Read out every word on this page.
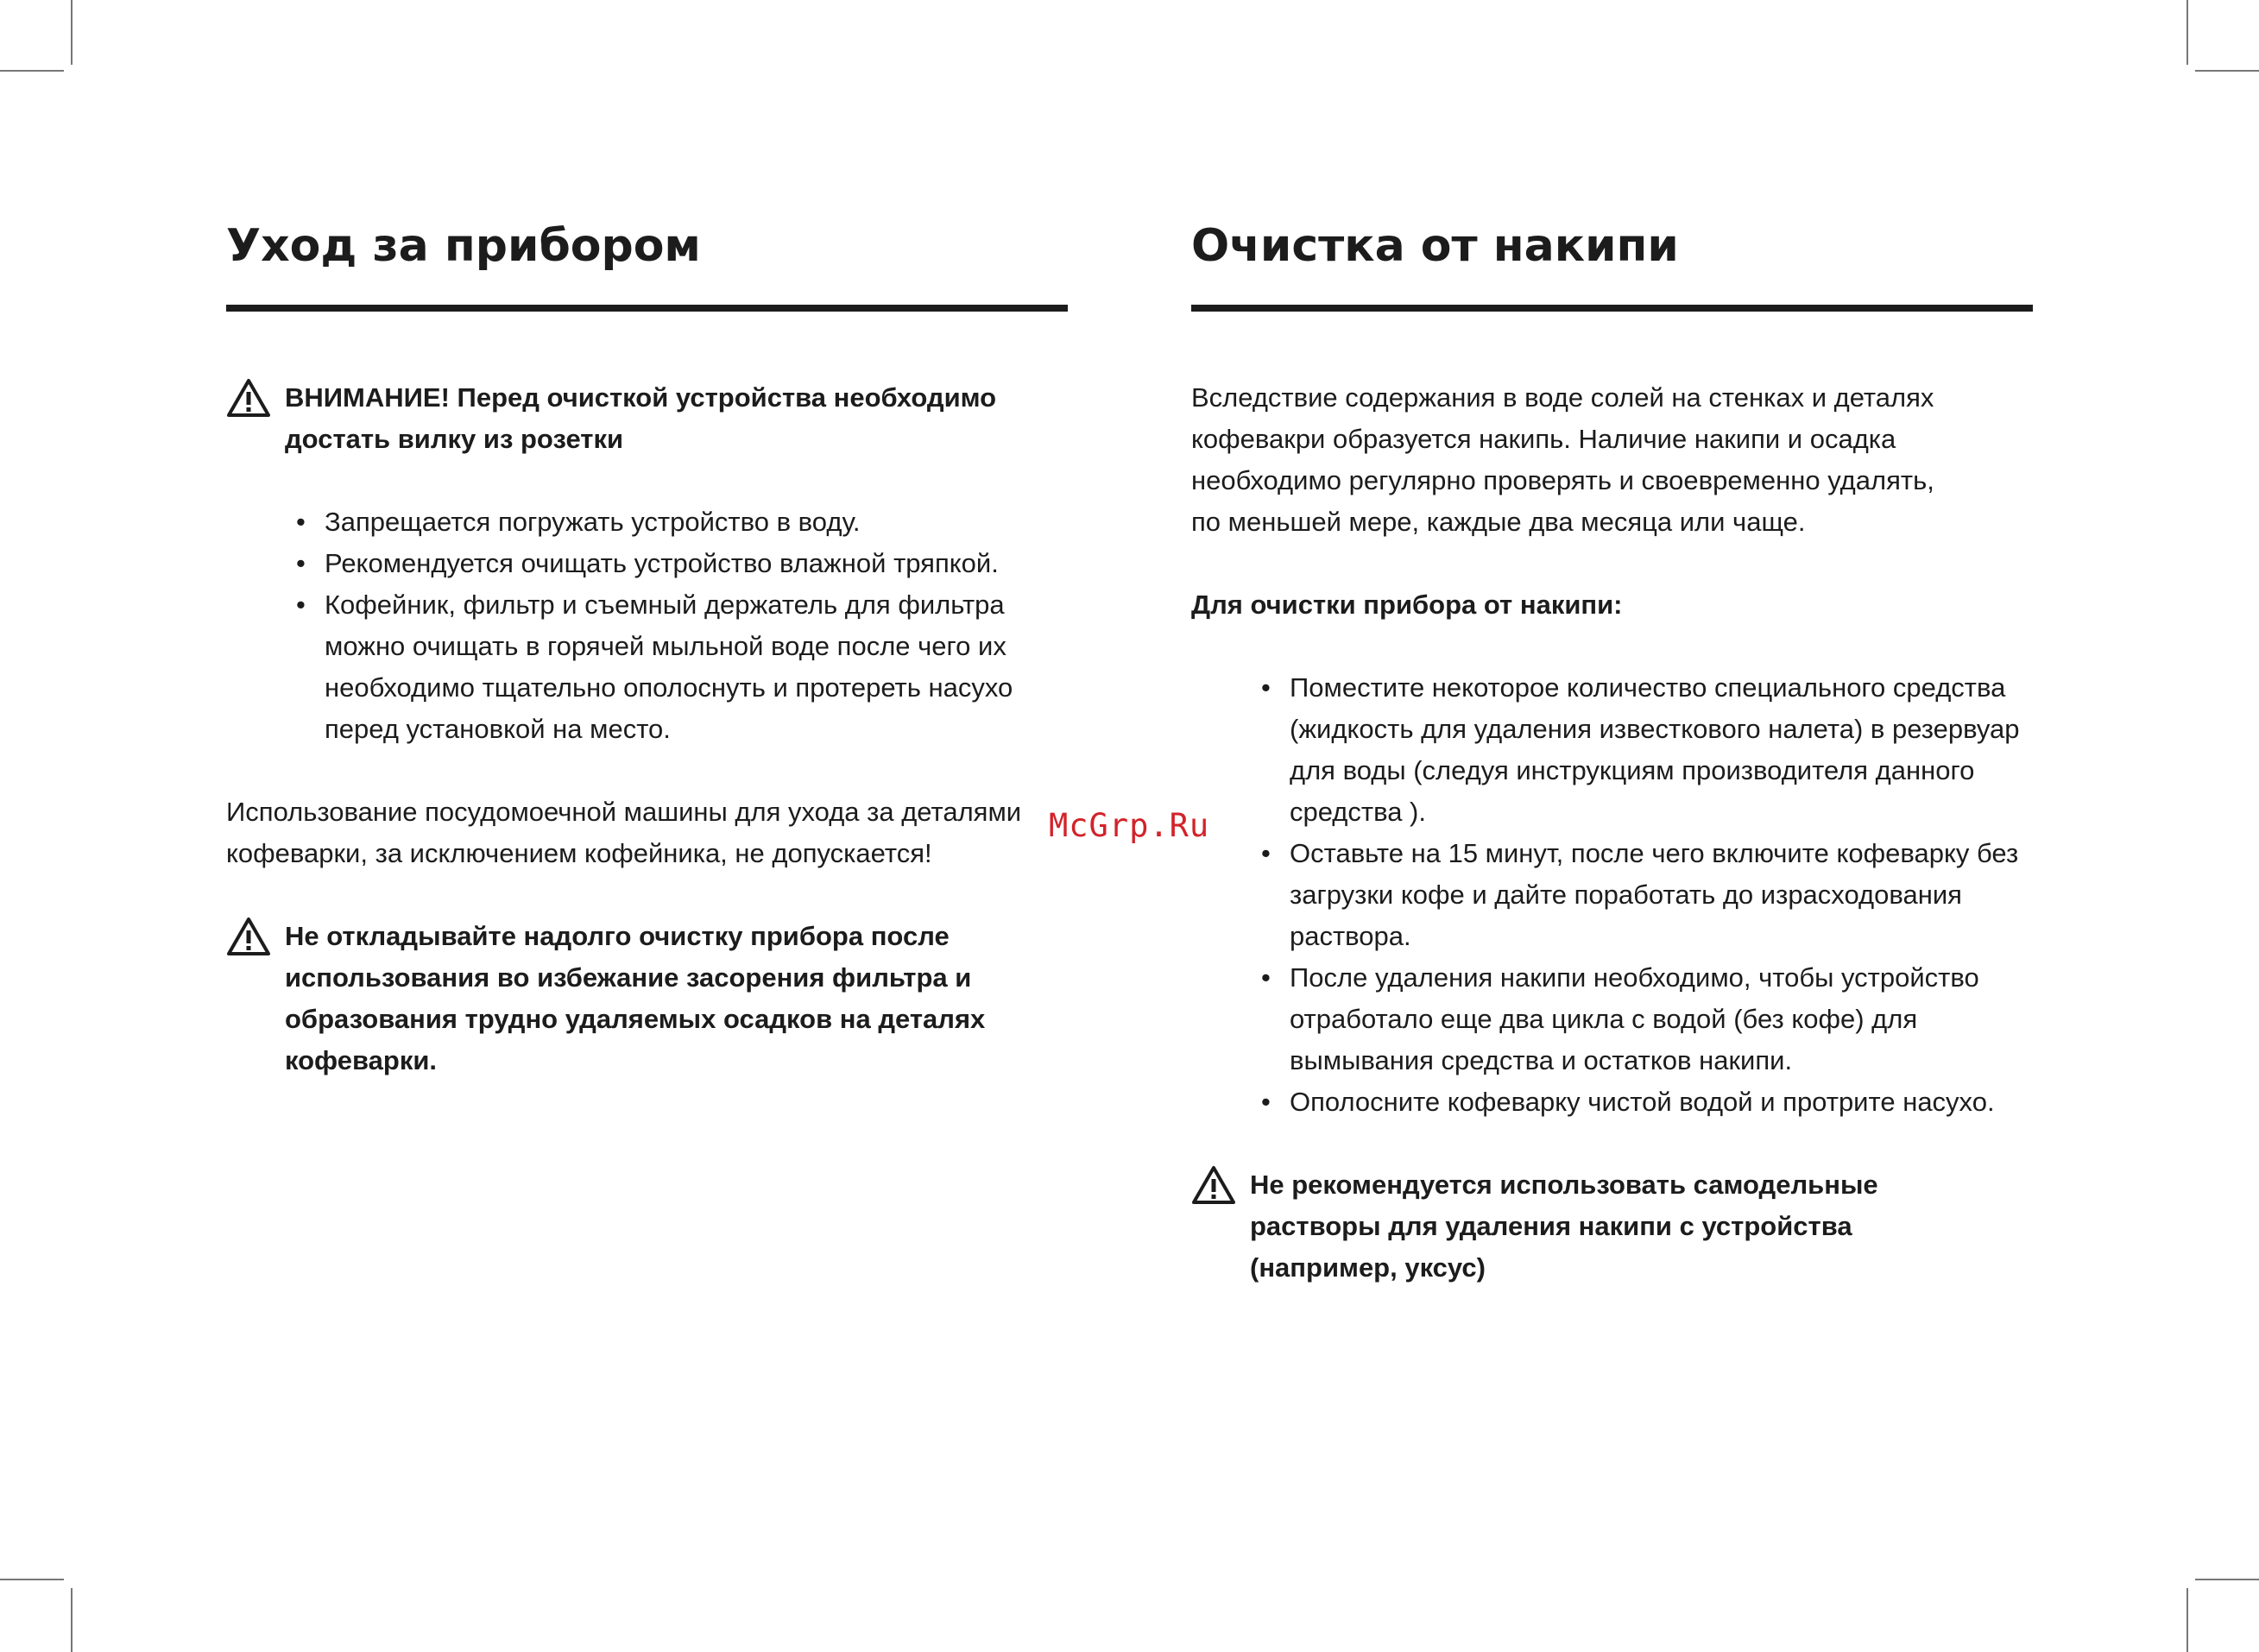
Уход за прибором

ВНИМАНИЕ! Перед очисткой устройства необходимо достать вилку из розетки

• Запрещается погружать устройство в воду.
• Рекомендуется очищать устройство влажной тряпкой.
• Кофейник, фильтр и съемный держатель для фильтра можно очищать в горячей мыльной воде после чего их необходимо тщательно ополоснуть и протереть насухо перед установкой на место.

Использование посудомоечной машины для ухода за деталями кофеварки, за исключением кофейника, не допускается!

Не откладывайте надолго очистку прибора после использования во избежание засорения фильтра и образования трудно удаляемых осадков на деталях кофеварки.

McGrp.Ru
Очистка от накипи

Вследствие содержания в воде солей на стенках и деталях кофевакри образуется накипь. Наличие накипи и осадка необходимо регулярно проверять и своевременно удалять, по меньшей мере, каждые два месяца или чаще.

Для очистки прибора от накипи:

• Поместите некоторое количество специального средства (жидкость для удаления известкового налета) в резервуар для воды (следуя инструкциям производителя данного средства ).
• Оставьте на 15 минут, после чего включите кофеварку без загрузки кофе и дайте поработать до израсходования раствора.
• После удаления накипи необходимо, чтобы устройство отработало еще два цикла с водой (без кофе) для вымывания средства и остатков накипи.
• Ополосните кофеварку чистой водой и протрите насухо.

Не рекомендуется использовать самодельные растворы для удаления накипи с устройства (например, уксус)
